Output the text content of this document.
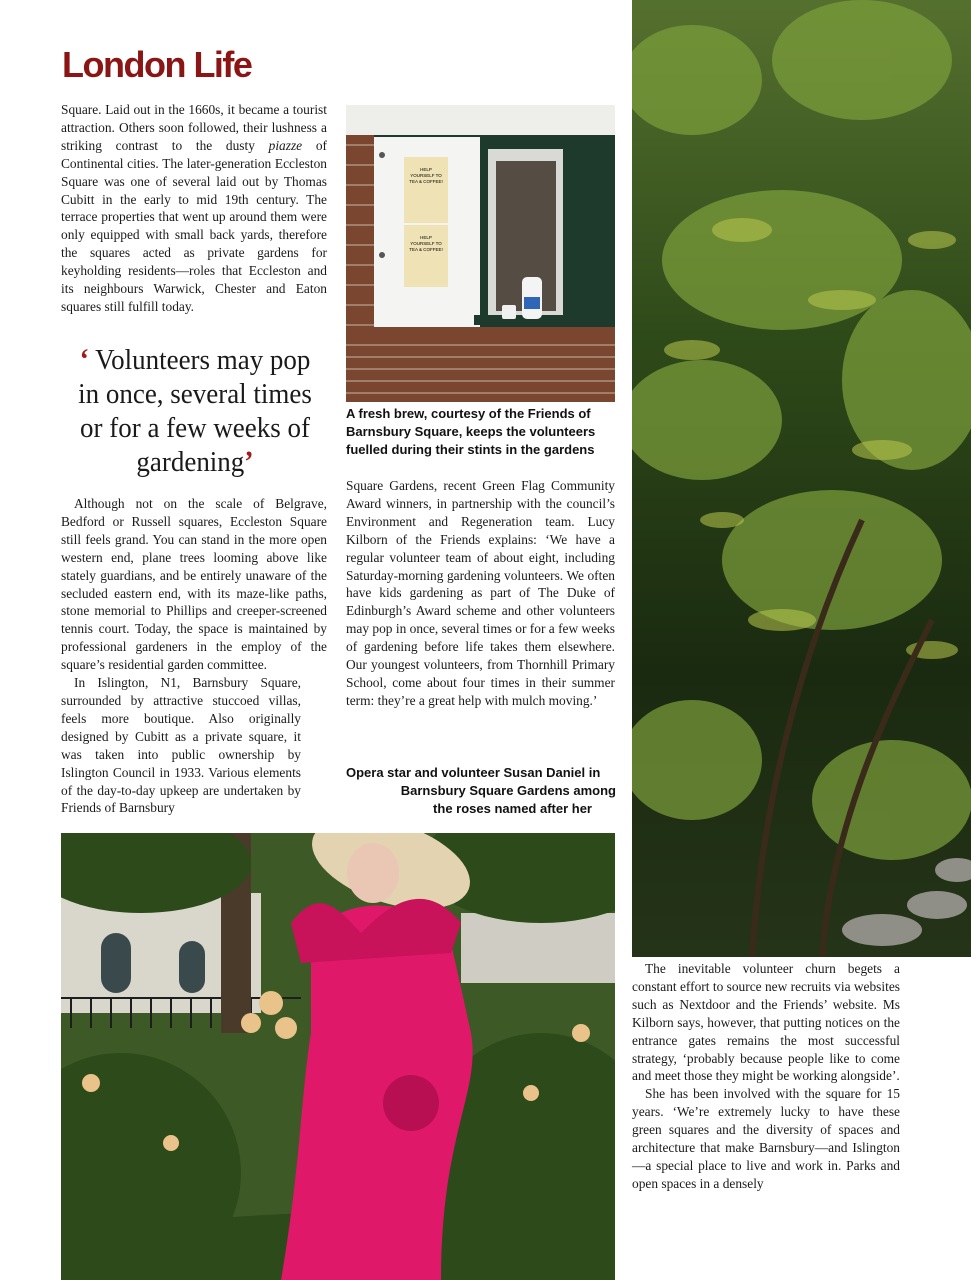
London Life

Square. Laid out in the 1660s, it became a tourist attraction. Others soon followed, their lushness a striking contrast to the dusty piazze of Continental cities. The later-generation Eccleston Square was one of several laid out by Thomas Cubitt in the early to mid 19th century. The terrace properties that went up around them were only equipped with small back yards, therefore the squares acted as private gardens for keyholding residents—roles that Eccleston and its neighbours Warwick, Chester and Eaton squares still fulfill today.

‘ Volunteers may pop in once, several times or for a few weeks of gardening’

Although not on the scale of Belgrave, Bedford or Russell squares, Eccleston Square still feels grand. You can stand in the more open western end, plane trees looming above like stately guardians, and be entirely unaware of the secluded eastern end, with its maze-like paths, stone memorial to Phillips and creeper-screened tennis court. Today, the space is maintained by professional gardeners in the employ of the square’s residential garden committee.

In Islington, N1, Barnsbury Square, surrounded by attractive stuccoed villas, feels more boutique. Also originally designed by Cubitt as a private square, it was taken into public ownership by Islington Council in 1933. Various elements of the day-to-day upkeep are undertaken by Friends of Barnsbury

HELP
YOURSELF TO
TEA & COFFEE!
HELP
YOURSELF TO
TEA & COFFEE!

A fresh brew, courtesy of the Friends of Barnsbury Square, keeps the volunteers fuelled during their stints in the gardens

Square Gardens, recent Green Flag Community Award winners, in partnership with the council’s Environment and Regeneration team. Lucy Kilborn of the Friends explains: ‘We have a regular volunteer team of about eight, including Saturday-morning gardening volunteers. We often have kids gardening as part of The Duke of Edinburgh’s Award scheme and other volunteers may pop in once, several times or for a few weeks of gardening before life takes them elsewhere. Our youngest volunteers, from Thornhill Primary School, come about four times in their summer term: they’re a great help with mulch moving.’

Opera star and volunteer Susan Daniel in
Barnsbury Square Gardens among
the roses named after her

The inevitable volunteer churn begets a constant effort to source new recruits via websites such as Nextdoor and the Friends’ website. Ms Kilborn says, however, that putting notices on the entrance gates remains the most successful strategy, ‘probably because people like to come and meet those they might be working alongside’.

She has been involved with the square for 15 years. ‘We’re extremely lucky to have these green squares and the diversity of spaces and architecture that make Barnsbury—and Islington—a special place to live and work in. Parks and open spaces in a densely
